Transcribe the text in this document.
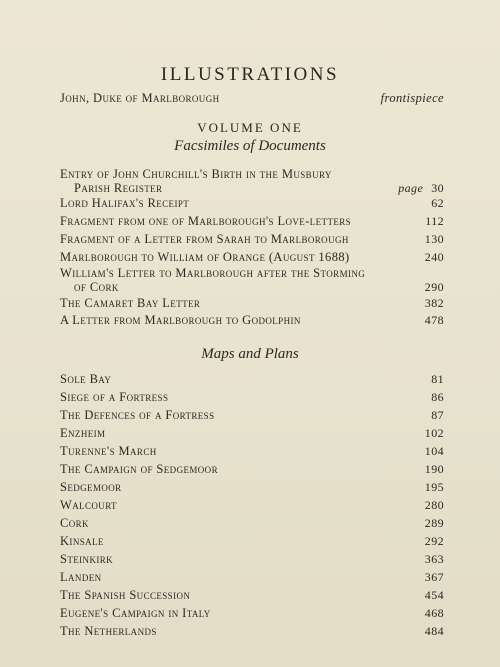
ILLUSTRATIONS
John, Duke of Marlborough	frontispiece
VOLUME ONE
Facsimiles of Documents
Entry of John Churchill's Birth in the Musbury
Parish Register	page 30
Lord Halifax's Receipt	62
Fragment from one of Marlborough's Love-letters	112
Fragment of a Letter from Sarah to Marlborough	130
Marlborough to William of Orange (August 1688)	240
William's Letter to Marlborough after the Storming
of Cork	290
The Camaret Bay Letter	382
A Letter from Marlborough to Godolphin	478
Maps and Plans
Sole Bay	81
Siege of a Fortress	86
The Defences of a Fortress	87
Enzheim	102
Turenne's March	104
The Campaign of Sedgemoor	190
Sedgemoor	195
Walcourt	280
Cork	289
Kinsale	292
Steinkirk	363
Landen	367
The Spanish Succession	454
Eugene's Campaign in Italy	468
The Netherlands	484
